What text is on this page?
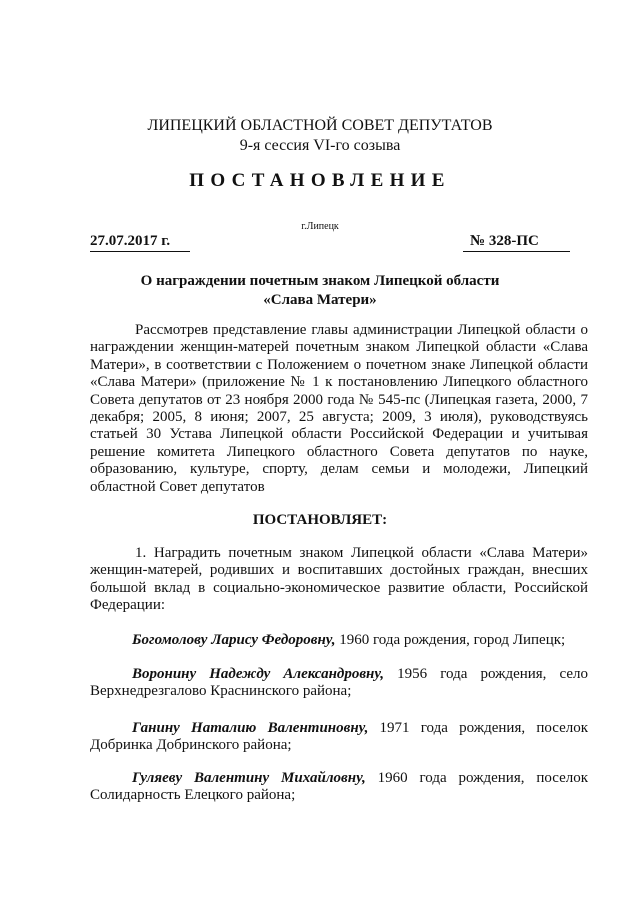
ЛИПЕЦКИЙ ОБЛАСТНОЙ СОВЕТ ДЕПУТАТОВ
9-я сессия VI-го созыва
ПОСТАНОВЛЕНИЕ
г.Липецк
27.07.2017 г.	№ 328-ПС
О награждении почетным знаком Липецкой области
«Слава Матери»
Рассмотрев представление главы администрации Липецкой области о награждении женщин-матерей почетным знаком Липецкой области «Слава Матери», в соответствии с Положением о почетном знаке Липецкой области «Слава Матери» (приложение № 1 к постановлению Липецкого областного Совета депутатов от 23 ноября 2000 года № 545-пс (Липецкая газета, 2000, 7 декабря; 2005, 8 июня; 2007, 25 августа; 2009, 3 июля), руководствуясь статьей 30 Устава Липецкой области Российской Федерации и учитывая решение комитета Липецкого областного Совета депутатов по науке, образованию, культуре, спорту, делам семьи и молодежи, Липецкий областной Совет депутатов
ПОСТАНОВЛЯЕТ:
1. Наградить почетным знаком Липецкой области «Слава Матери» женщин-матерей, родивших и воспитавших достойных граждан, внесших большой вклад в социально-экономическое развитие области, Российской Федерации:
Богомолову Ларису Федоровну, 1960 года рождения, город Липецк;
Воронину Надежду Александровну, 1956 года рождения, село Верхнедрезгалово Краснинского района;
Ганину Наталию Валентиновну, 1971 года рождения, поселок Добринка Добринского района;
Гуляеву Валентину Михайловну, 1960 года рождения, поселок Солидарность Елецкого района;
